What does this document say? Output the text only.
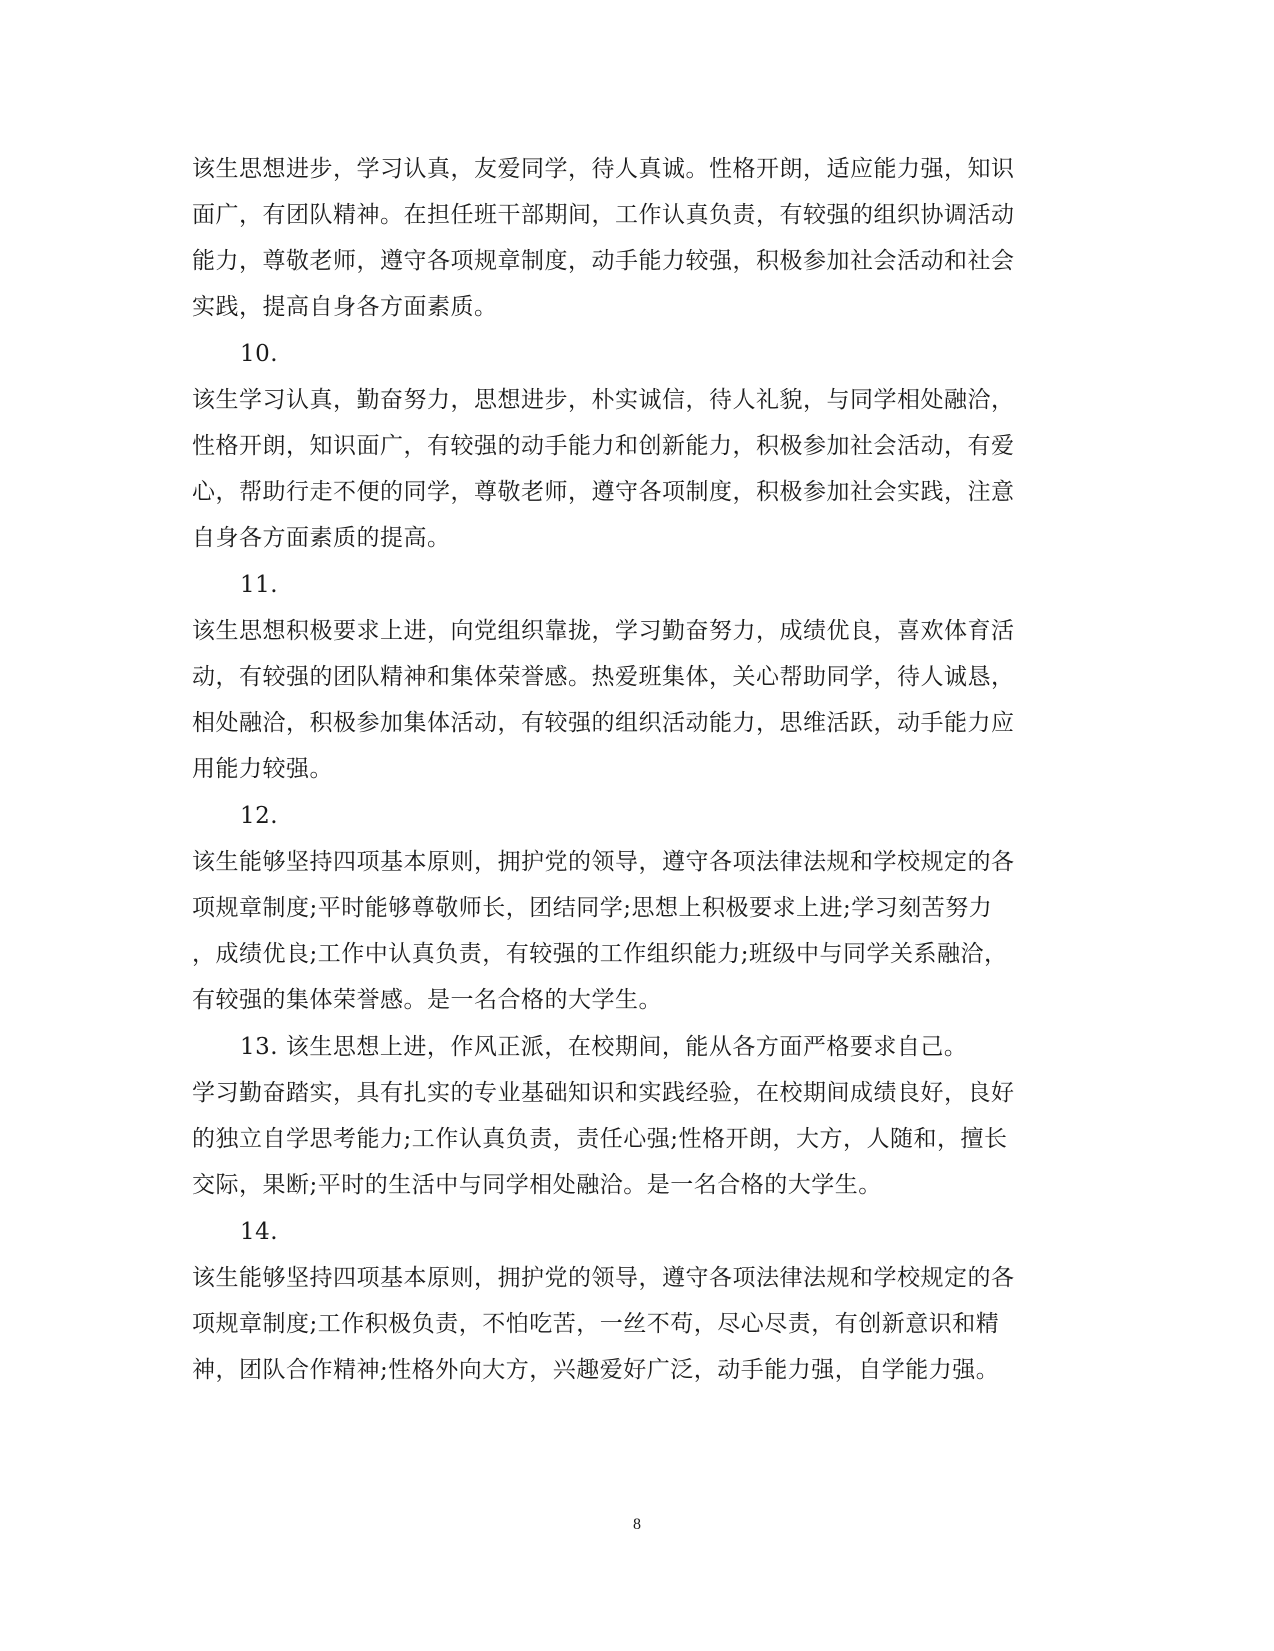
该生思想进步，学习认真，友爱同学，待人真诚。性格开朗，适应能力强，知识
面广，有团队精神。在担任班干部期间，工作认真负责，有较强的组织协调活动
能力，尊敬老师，遵守各项规章制度，动手能力较强，积极参加社会活动和社会
实践，提高自身各方面素质。
10.
该生学习认真，勤奋努力，思想进步，朴实诚信，待人礼貌，与同学相处融洽，
性格开朗，知识面广，有较强的动手能力和创新能力，积极参加社会活动，有爱
心，帮助行走不便的同学，尊敬老师，遵守各项制度，积极参加社会实践，注意
自身各方面素质的提高。
11.
该生思想积极要求上进，向党组织靠拢，学习勤奋努力，成绩优良，喜欢体育活
动，有较强的团队精神和集体荣誉感。热爱班集体，关心帮助同学，待人诚恳，
相处融洽，积极参加集体活动，有较强的组织活动能力，思维活跃，动手能力应
用能力较强。
12.
该生能够坚持四项基本原则，拥护党的领导，遵守各项法律法规和学校规定的各
项规章制度;平时能够尊敬师长，团结同学;思想上积极要求上进;学习刻苦努力
，成绩优良;工作中认真负责，有较强的工作组织能力;班级中与同学关系融洽，
有较强的集体荣誉感。是一名合格的大学生。
13. 该生思想上进，作风正派，在校期间，能从各方面严格要求自己。
学习勤奋踏实，具有扎实的专业基础知识和实践经验，在校期间成绩良好，良好
的独立自学思考能力;工作认真负责，责任心强;性格开朗，大方，人随和，擅长
交际，果断;平时的生活中与同学相处融洽。是一名合格的大学生。
14.
该生能够坚持四项基本原则，拥护党的领导，遵守各项法律法规和学校规定的各
项规章制度;工作积极负责，不怕吃苦，一丝不苟，尽心尽责，有创新意识和精
神，团队合作精神;性格外向大方，兴趣爱好广泛，动手能力强，自学能力强。
8
